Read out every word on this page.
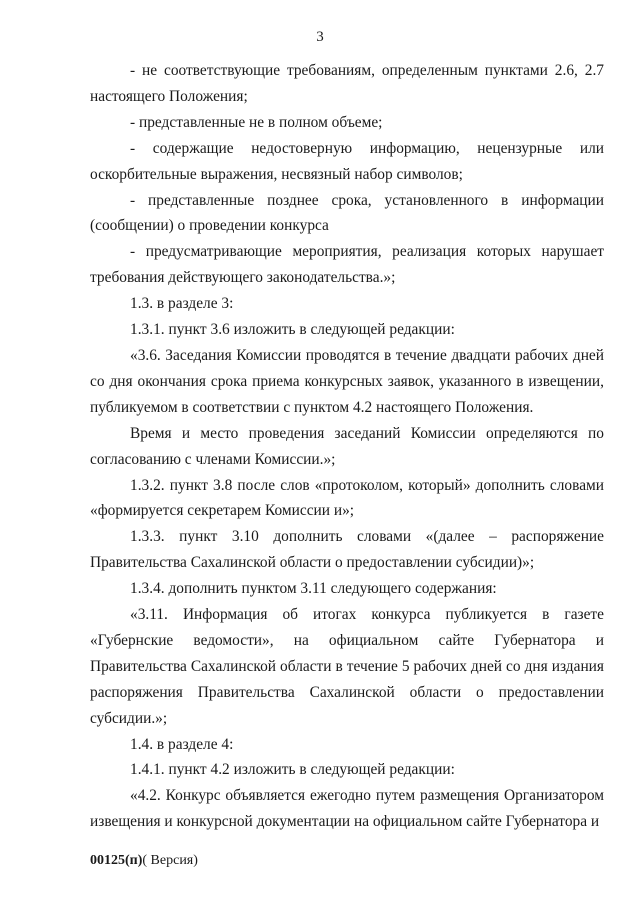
3

- не соответствующие требованиям, определенным пунктами 2.6, 2.7 настоящего Положения;

- представленные не в полном объеме;

- содержащие недостоверную информацию, нецензурные или оскорбительные выражения, несвязный набор символов;

- представленные позднее срока, установленного в информации (сообщении) о проведении конкурса

- предусматривающие мероприятия, реализация которых нарушает требования действующего законодательства.»;

1.3. в разделе 3:

1.3.1. пункт 3.6 изложить в следующей редакции:

«3.6. Заседания Комиссии проводятся в течение двадцати рабочих дней со дня окончания срока приема конкурсных заявок, указанного в извещении, публикуемом в соответствии с пунктом 4.2 настоящего Положения.

Время и место проведения заседаний Комиссии определяются по согласованию с членами Комиссии.»;

1.3.2. пункт 3.8 после слов «протоколом, который» дополнить словами «формируется секретарем Комиссии и»;

1.3.3. пункт 3.10 дополнить словами «(далее – распоряжение Правительства Сахалинской области о предоставлении субсидии)»;

1.3.4. дополнить пунктом 3.11 следующего содержания:

«3.11. Информация об итогах конкурса публикуется в газете «Губернские ведомости», на официальном сайте Губернатора и Правительства Сахалинской области в течение 5 рабочих дней со дня издания распоряжения Правительства Сахалинской области о предоставлении субсидии.»;

1.4. в разделе 4:

1.4.1. пункт 4.2 изложить в следующей редакции:

«4.2. Конкурс объявляется ежегодно путем размещения Организатором извещения и конкурсной документации на официальном сайте Губернатора и

00125(п)( Версия)
